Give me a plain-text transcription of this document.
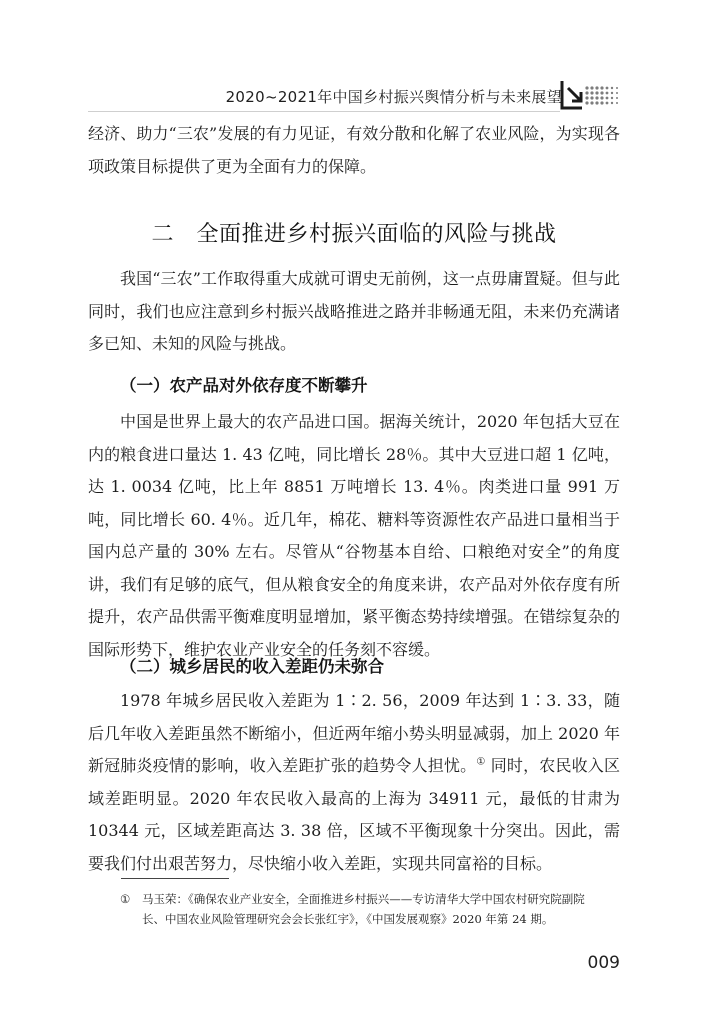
2020~2021年中国乡村振兴舆情分析与未来展望

经济、助力“三农”发展的有力见证，有效分散和化解了农业风险，为实现各项政策目标提供了更为全面有力的保障。

二　全面推进乡村振兴面临的风险与挑战

我国“三农”工作取得重大成就可谓史无前例，这一点毋庸置疑。但与此同时，我们也应注意到乡村振兴战略推进之路并非畅通无阻，未来仍充满诸多已知、未知的风险与挑战。

（一）农产品对外依存度不断攀升

中国是世界上最大的农产品进口国。据海关统计，2020 年包括大豆在内的粮食进口量达 1. 43 亿吨，同比增长 28％。其中大豆进口超 1 亿吨，达 1. 0034 亿吨，比上年 8851 万吨增长 13. 4％。肉类进口量 991 万吨，同比增长 60. 4％。近几年，棉花、糖料等资源性农产品进口量相当于国内总产量的 30% 左右。尽管从“谷物基本自给、口粮绝对安全”的角度讲，我们有足够的底气，但从粮食安全的角度来讲，农产品对外依存度有所提升，农产品供需平衡难度明显增加，紧平衡态势持续增强。在错综复杂的国际形势下，维护农业产业安全的任务刻不容缓。

（二）城乡居民的收入差距仍未弥合

1978 年城乡居民收入差距为 1∶2. 56，2009 年达到 1∶3. 33，随后几年收入差距虽然不断缩小，但近两年缩小势头明显减弱，加上 2020 年新冠肺炎疫情的影响，收入差距扩张的趋势令人担忧。① 同时，农民收入区域差距明显。2020 年农民收入最高的上海为 34911 元，最低的甘肃为 10344 元，区域差距高达 3. 38 倍，区域不平衡现象十分突出。因此，需要我们付出艰苦努力，尽快缩小收入差距，实现共同富裕的目标。

① 马玉荣：《确保农业产业安全，全面推进乡村振兴——专访清华大学中国农村研究院副院
长、中国农业风险管理研究会会长张红宇》，《中国发展观察》2020 年第 24 期。
009
